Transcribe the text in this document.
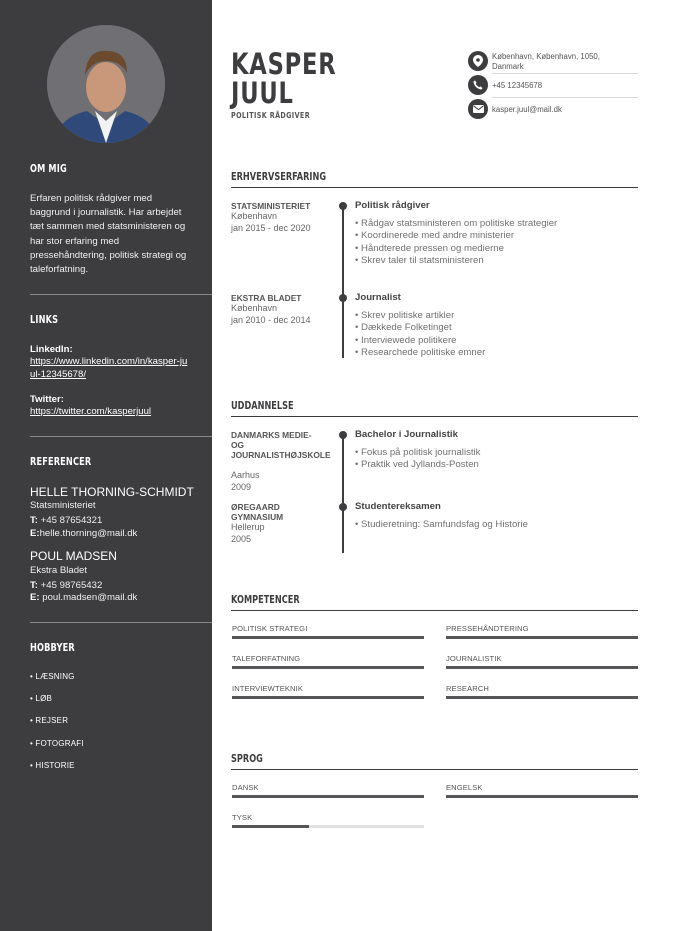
OM MIG
Erfaren politisk rådgiver med baggrund i journalistik. Har arbejdet tæt sammen med statsministeren og har stor erfaring med pressehåndtering, politisk strategi og taleforfatning.
LINKS
LinkedIn:
https://www.linkedin.com/in/kasper-juul-12345678/
Twitter:
https://twitter.com/kasperjuul
REFERENCER
HELLE THORNING-SCHMIDT
Statsministeriet
T: +45 87654321
E:helle.thorning@mail.dk
POUL MADSEN
Ekstra Bladet
T: +45 98765432
E: poul.madsen@mail.dk
HOBBYER
• LÆSNING
• LØB
• REJSER
• FOTOGRAFI
• HISTORIE
KASPER
JUUL
POLITISK RÅDGIVER
København, København, 1050, Danmark
+45 12345678
kasper.juul@mail.dk
ERHVERVSERFARING
STATSMINISTERIET
København
jan 2015 - dec 2020
Politisk rådgiver
• Rådgav statsministeren om politiske strategier
• Koordinerede med andre ministerier
• Håndterede pressen og medierne
• Skrev taler til statsministeren
EKSTRA BLADET
København
jan 2010 - dec 2014
Journalist
• Skrev politiske artikler
• Dækkede Folketinget
• Interviewede politikere
• Researchede politiske emner
UDDANNELSE
DANMARKS MEDIE- OG JOURNALISTHØJSKOLE
Aarhus
2009
Bachelor i Journalistik
• Fokus på politisk journalistik
• Praktik ved Jyllands-Posten
ØREGAARD GYMNASIUM
Hellerup
2005
Studentereksamen
• Studieretning: Samfundsfag og Historie
KOMPETENCER
POLITISK STRATEGI	PRESSEHÅNDTERING
TALEFORFATNING	JOURNALISTIK
INTERVIEWTEKNIK	RESEARCH
SPROG
DANSK	ENGELSK
TYSK
